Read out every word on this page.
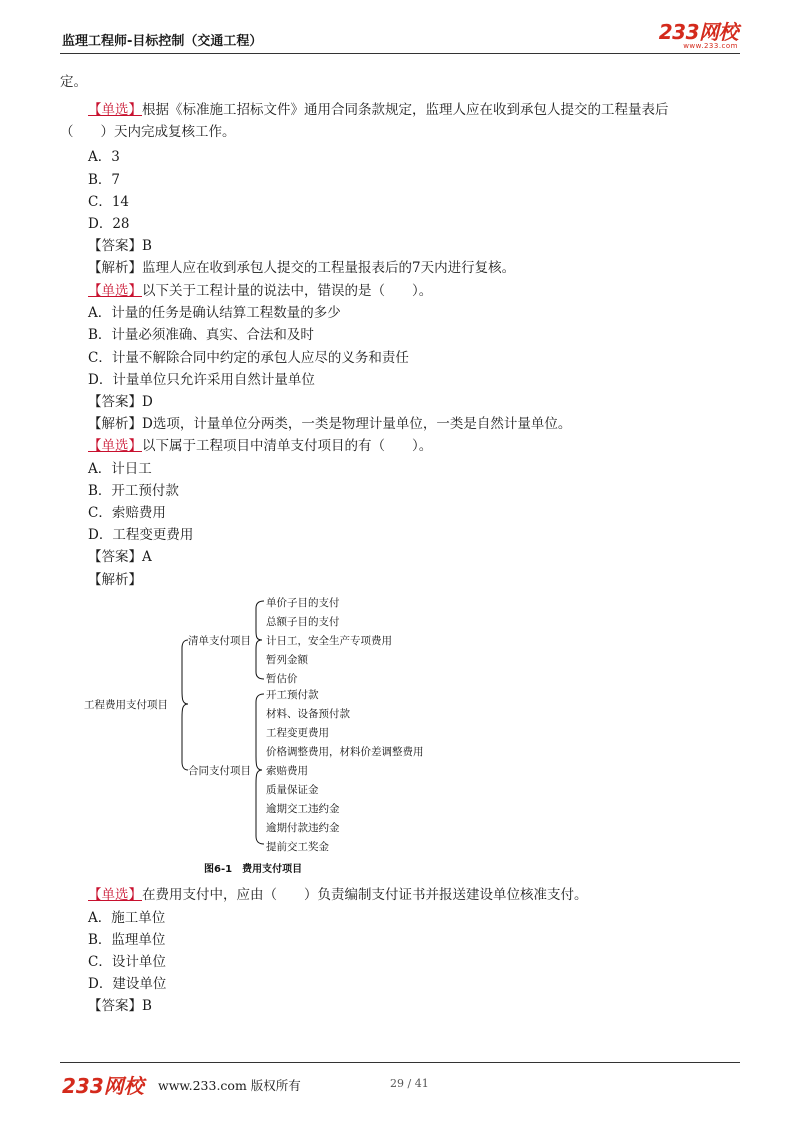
监理工程师-目标控制（交通工程）	233网校
www.233.com
定。
【单选】根据《标准施工招标文件》通用合同条款规定，监理人应在收到承包人提交的工程量表后
（　　）天内完成复核工作。
A．3
B．7
C．14
D．28
【答案】B
【解析】监理人应在收到承包人提交的工程量报表后的7天内进行复核。
【单选】以下关于工程计量的说法中，错误的是（　　）。
A．计量的任务是确认结算工程数量的多少
B．计量必须准确、真实、合法和及时
C．计量不解除合同中约定的承包人应尽的义务和责任
D．计量单位只允许采用自然计量单位
【答案】D
【解析】D选项，计量单位分两类，一类是物理计量单位，一类是自然计量单位。
【单选】以下属于工程项目中清单支付项目的有（　　）。
A．计日工
B．开工预付款
C．索赔费用
D．工程变更费用
【答案】A
【解析】
【单选】在费用支付中，应由（　　）负责编制支付证书并报送建设单位核准支付。
A．施工单位
B．监理单位
C．设计单位
D．建设单位
【答案】B
工程费用支付项目
清单支付项目
单价子目的支付
总额子目的支付
计日工，安全生产专项费用
暂列金额
暂估价
合同支付项目
开工预付款
材料、设备预付款
工程变更费用
价格调整费用，材料价差调整费用
索赔费用
质量保证金
逾期交工违约金
逾期付款违约金
提前交工奖金
图6-1　费用支付项目
233网校 www.233.com 版权所有	29 / 41
